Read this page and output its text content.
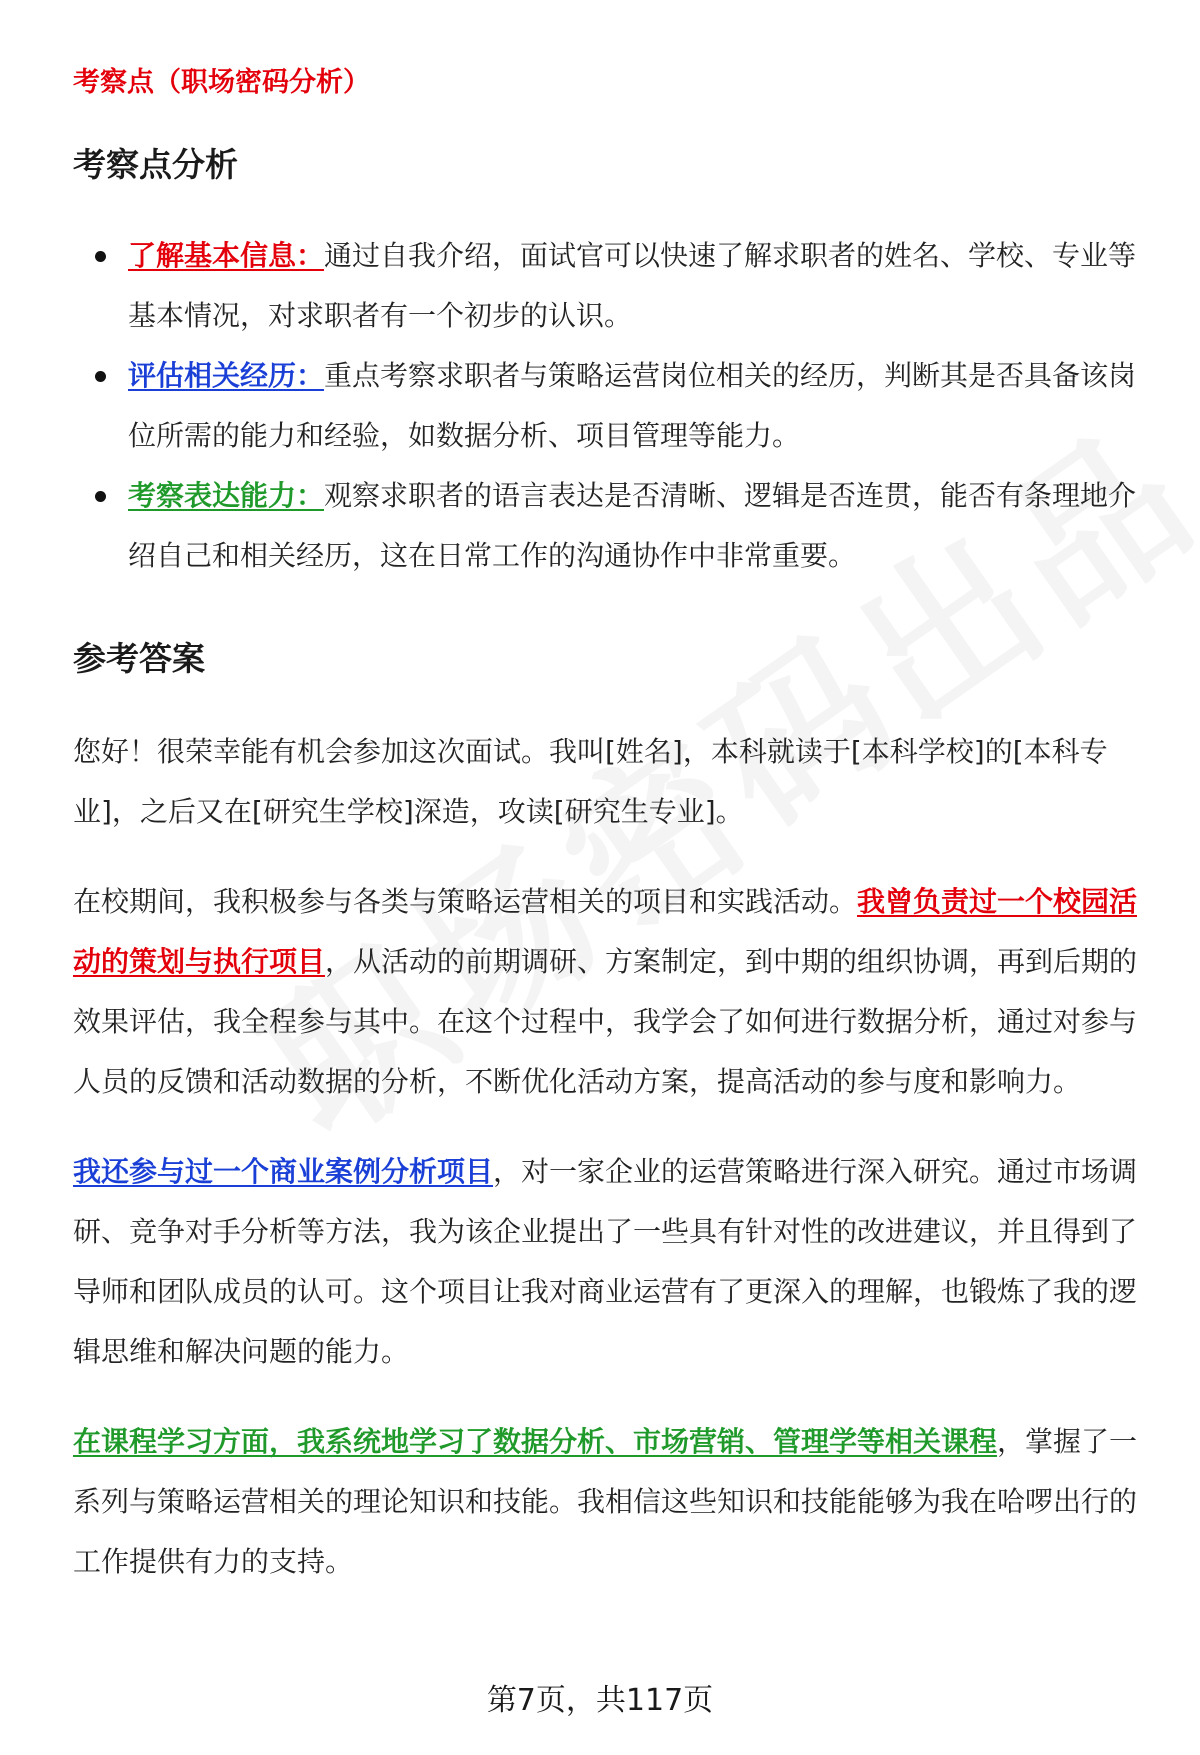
考察点（职场密码分析）
考察点分析
了解基本信息：通过自我介绍，面试官可以快速了解求职者的姓名、学校、专业等基本情况，对求职者有一个初步的认识。
评估相关经历：重点考察求职者与策略运营岗位相关的经历，判断其是否具备该岗位所需的能力和经验，如数据分析、项目管理等能力。
考察表达能力：观察求职者的语言表达是否清晰、逻辑是否连贯，能否有条理地介绍自己和相关经历，这在日常工作的沟通协作中非常重要。
参考答案

您好！很荣幸能有机会参加这次面试。我叫[姓名]，本科就读于[本科学校]的[本科专业]，之后又在[研究生学校]深造，攻读[研究生专业]。

在校期间，我积极参与各类与策略运营相关的项目和实践活动。我曾负责过一个校园活动的策划与执行项目，从活动的前期调研、方案制定，到中期的组织协调，再到后期的效果评估，我全程参与其中。在这个过程中，我学会了如何进行数据分析，通过对参与人员的反馈和活动数据的分析，不断优化活动方案，提高活动的参与度和影响力。

我还参与过一个商业案例分析项目，对一家企业的运营策略进行深入研究。通过市场调研、竞争对手分析等方法，我为该企业提出了一些具有针对性的改进建议，并且得到了导师和团队成员的认可。这个项目让我对商业运营有了更深入的理解，也锻炼了我的逻辑思维和解决问题的能力。

在课程学习方面，我系统地学习了数据分析、市场营销、管理学等相关课程，掌握了一系列与策略运营相关的理论知识和技能。我相信这些知识和技能能够为我在哈啰出行的工作提供有力的支持。

第7页，共117页
